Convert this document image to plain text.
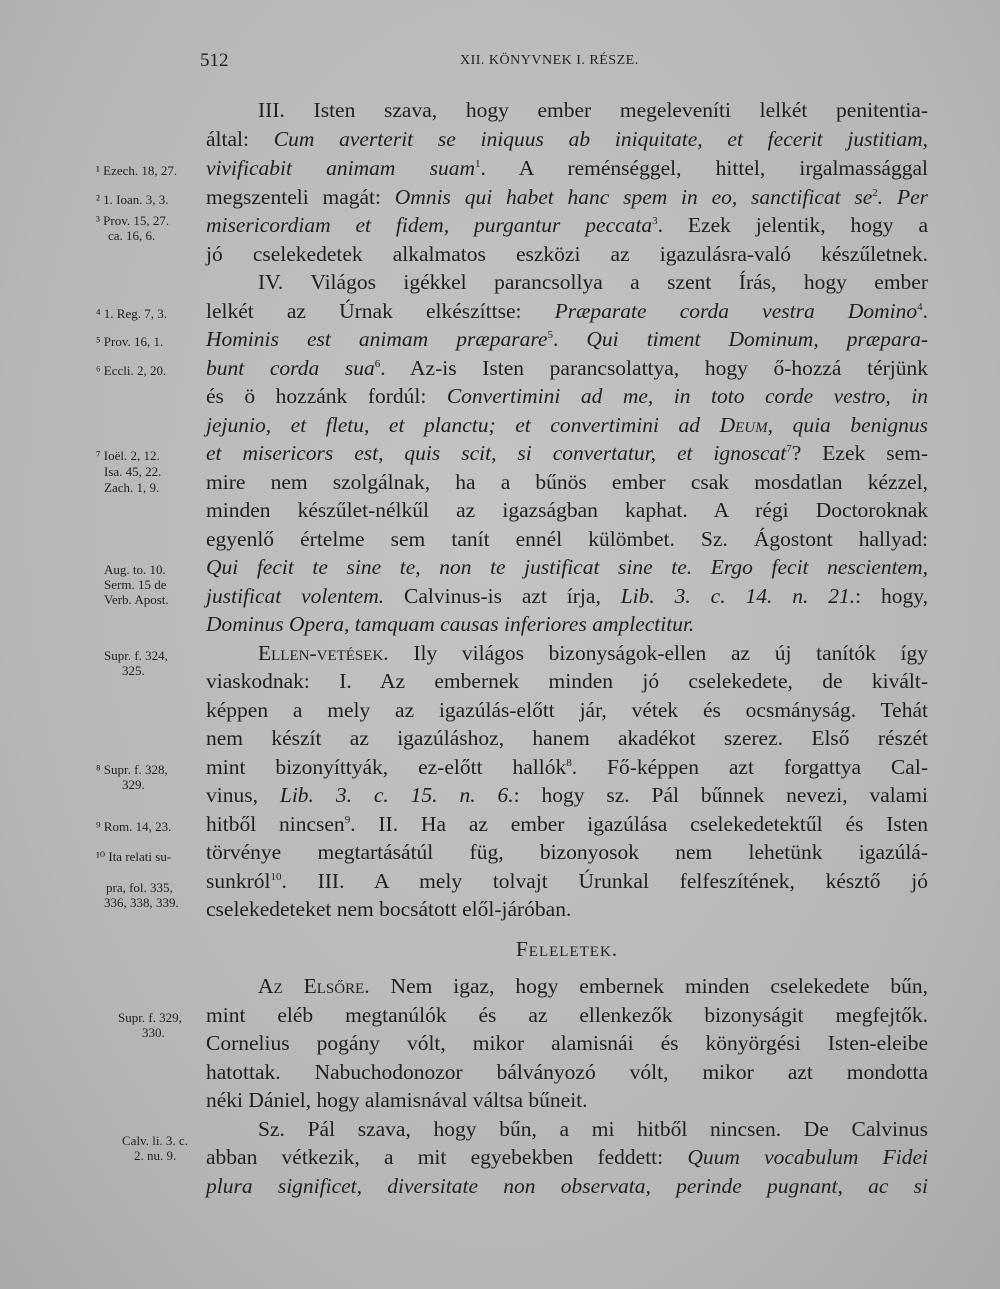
512	XII. KÖNYVNEK I. RÉSZE.
III. Isten szava, hogy ember megeleveníti lelkét penitentia-
által: Cum averterit se iniquus ab iniquitate, et fecerit justitiam,
vivificabit animam suam$^1$. A reménséggel, hittel, irgalmassággal
megszenteli magát: Omnis qui habet hanc spem in eo, sanctificat $se^2$. Per
misericordiam et fidem, purgantur peccata$^3$. Ezek jelentik, hogy a
jó cselekedetek alkalmatos eszközi az igazulásra-való készűletnek.
IV. Világos igékkel parancsollya a szent Írás, hogy ember
lelkét az Úrnak elkészíttse: Præparate corda vestra Domino$^4$.
Hominis est animam præparare$^5$. Qui timent Dominum, præpara-
bunt corda sua$^6$. Az-is Isten parancsolattya, hogy ő-hozzá térjünk
és ö hozzánk fordúl: Convertimini ad me, in toto corde vestro, in
jejunio, et fletu, et planctu; et convertimini ad Deum, quia benignus
et misericors est, quis scit, si convertatur, et ignoscat$^7$? Ezek sem-
mire nem szolgálnak, ha a bűnös ember csak mosdatlan kézzel,
minden készűlet-nélkűl az igazságban kaphat. A régi Doctoroknak
egyenlő értelme sem tanít ennél külömbet. Sz. Ágostont hallyad:
Qui fecit te sine te, non te justificat sine te. Ergo fecit nescientem,
justificat volentem. Calvinus-is azt írja, Lib. 3. c. 14. n. 21.: hogy,
Dominus Opera, tamquam causas inferiores amplectitur.
Ellen-vetések. Ily világos bizonyságok-ellen az új tanítók így
viaskodnak: I. Az embernek minden jó cselekedete, de kivált-
képpen a mely az igazúlás-előtt jár, vétek és ocsmányság. Tehát
nem készít az igazúláshoz, hanem akadékot szerez. Első részét
mint bizonyíttyák, ez-előtt hallók$^8$. Fő-képpen azt forgattya Cal-
vinus, Lib. 3. c. 15. n. 6.: hogy sz. Pál bűnnek nevezi, valami
hitből nincsen$^9$. II. Ha az ember igazúlása cselekedetektűl és Isten
törvénye megtartásátúl füg, bizonyosok nem lehetünk igazúlá-
sunkról$^{10}$. III. A mely tolvajt Úrunkal felfeszítének, késztő jó
cselekedeteket nem bocsátott elől-járóban.
Feleletek.
Az Elsőre. Nem igaz, hogy embernek minden cselekedete bűn,
mint eléb megtanúlók és az ellenkezők bizonyságit megfejtők.
Cornelius pogány vólt, mikor alamisnái és könyörgési Isten-eleibe
hatottak. Nabuchodonozor bálványozó vólt, mikor azt mondotta
néki Dániel, hogy alamisnával váltsa bűneit.
Sz. Pál szava, hogy bűn, a mi hitből nincsen. De Calvinus
abban vétkezik, a mit egyebekben feddett: Quum vocabulum Fidei
plura significet, diversitate non observata, perinde pugnant, ac si
¹ Ezech. 18, 27.
² 1. Ioan. 3, 3.
³ Prov. 15, 27.
ca. 16, 6.
⁴ 1. Reg. 7, 3.
⁵ Prov. 16, 1.
⁶ Eccli. 2, 20.
⁷ Ioël. 2, 12.
Isa. 45, 22.
Zach. 1, 9.
Aug. to. 10.
Serm. 15 de
Verb. Apost.
Supr. f. 324,
325.
⁸ Supr. f. 328,
329.
⁹ Rom. 14, 23.
¹⁰ Ita relati su-
pra, fol. 335,
336, 338, 339.
Supr. f. 329,
330.
Calv. li. 3. c.
2. nu. 9.
